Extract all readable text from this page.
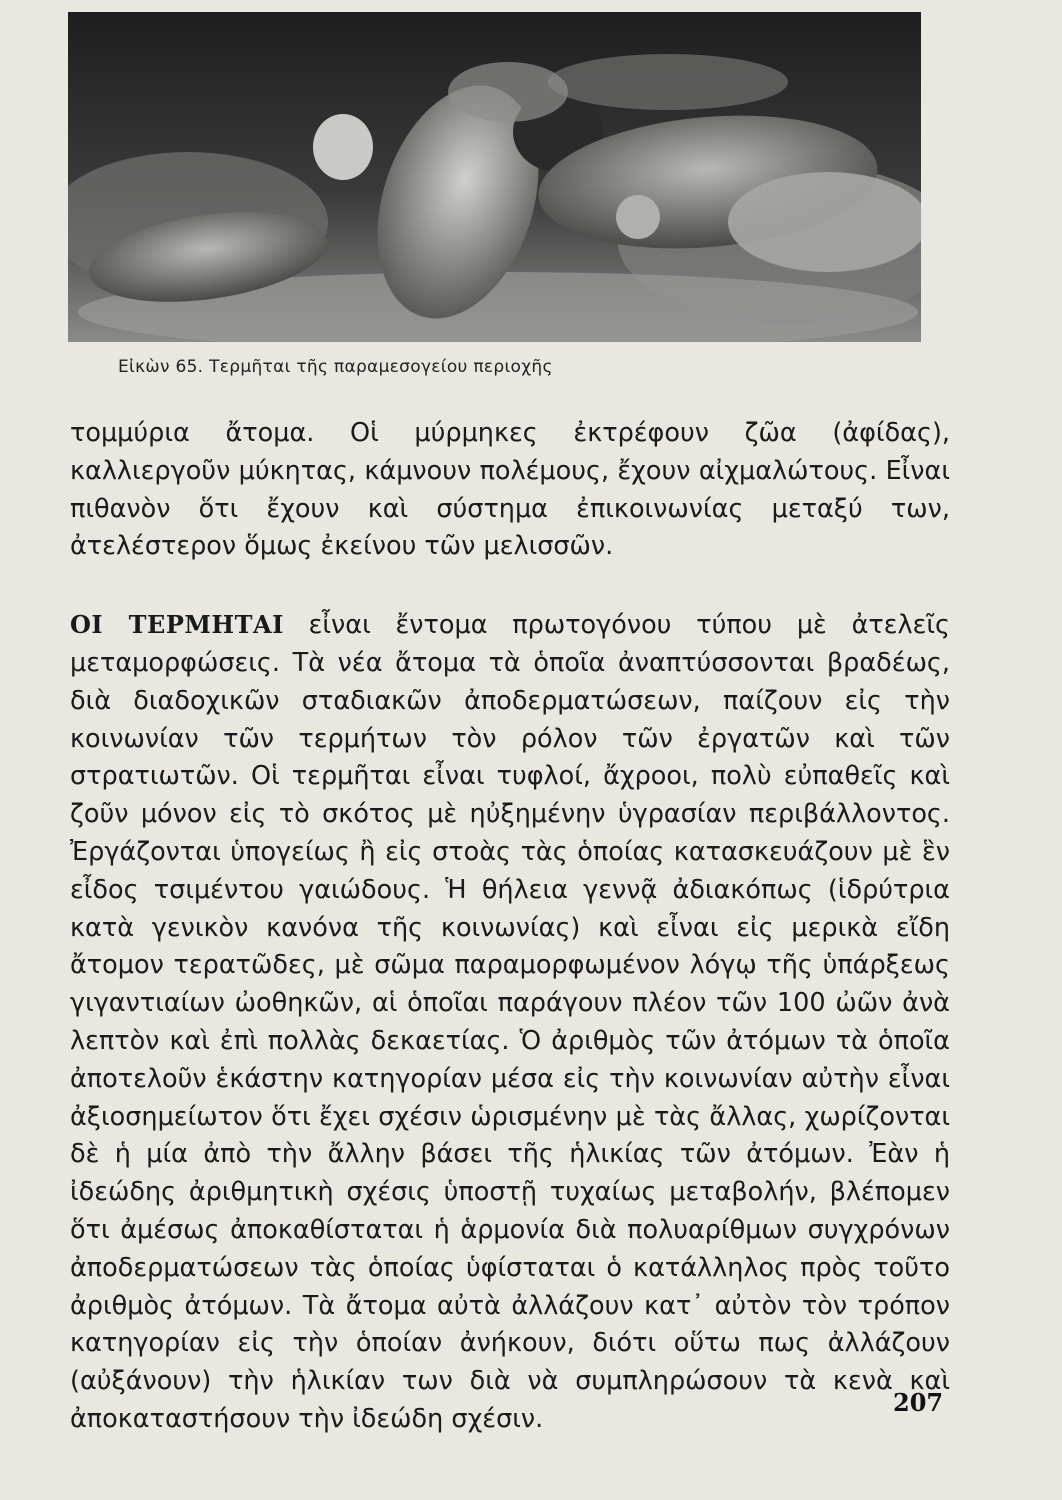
Εἰκὼν 65. Τερμῆται τῆς παραμεσογείου περιοχῆς

τομμύρια ἄτομα. Οἱ μύρμηκες ἐκτρέφουν ζῶα (ἀφίδας), καλλιεργοῦν μύκητας, κάμνουν πολέμους, ἔχουν αἰχμαλώτους. Εἶναι πιθανὸν ὅτι ἔχουν καὶ σύστημα ἐπικοινωνίας μεταξύ των, ἀτελέστερον ὅμως ἐκείνου τῶν μελισσῶν.

ΟΙ ΤΕΡΜΗΤΑΙ εἶναι ἔντομα πρωτογόνου τύπου μὲ ἀτελεῖς μεταμορφώσεις. Τὰ νέα ἄτομα τὰ ὁποῖα ἀναπτύσσονται βραδέως, διὰ διαδοχικῶν σταδιακῶν ἀποδερματώσεων, παίζουν εἰς τὴν κοινωνίαν τῶν τερμήτων τὸν ρόλον τῶν ἐργατῶν καὶ τῶν στρατιωτῶν. Οἱ τερμῆται εἶναι τυφλοί, ἄχροοι, πολὺ εὐπαθεῖς καὶ ζοῦν μόνον εἰς τὸ σκότος μὲ ηὐξημένην ὑγρασίαν περιβάλλοντος. Ἐργάζονται ὑπογείως ἢ εἰς στοὰς τὰς ὁποίας κατασκευάζουν μὲ ἓν εἶδος τσιμέντου γαιώδους. Ἡ θήλεια γεννᾷ ἀδιακόπως (ἱδρύτρια κατὰ γενικὸν κανόνα τῆς κοινωνίας) καὶ εἶναι εἰς μερικὰ εἴδη ἄτομον τερατῶδες, μὲ σῶμα παραμορφωμένον λόγῳ τῆς ὑπάρξεως γιγαντιαίων ὠοθηκῶν, αἱ ὁποῖαι παράγουν πλέον τῶν 100 ὠῶν ἀνὰ λεπτὸν καὶ ἐπὶ πολλὰς δεκαετίας. Ὁ ἀριθμὸς τῶν ἀτόμων τὰ ὁποῖα ἀποτελοῦν ἑκάστην κατηγορίαν μέσα εἰς τὴν κοινωνίαν αὐτὴν εἶναι ἀξιοσημείωτον ὅτι ἔχει σχέσιν ὡρισμένην μὲ τὰς ἄλλας, χωρίζονται δὲ ἡ μία ἀπὸ τὴν ἄλλην βάσει τῆς ἡλικίας τῶν ἀτόμων. Ἐὰν ἡ ἰδεώδης ἀριθμητικὴ σχέσις ὑποστῇ τυχαίως μεταβολήν, βλέπομεν ὅτι ἀμέσως ἀποκαθίσταται ἡ ἁρμονία διὰ πολυαρίθμων συγχρόνων ἀποδερματώσεων τὰς ὁποίας ὑφίσταται ὁ κατάλληλος πρὸς τοῦτο ἀριθμὸς ἀτόμων. Τὰ ἄτομα αὐτὰ ἀλλάζουν κατ᾽ αὐτὸν τὸν τρόπον κατηγορίαν εἰς τὴν ὁποίαν ἀνήκουν, διότι οὕτω πως ἀλλάζουν (αὐξάνουν) τὴν ἡλικίαν των διὰ νὰ συμπληρώσουν τὰ κενὰ καὶ ἀποκαταστήσουν τὴν ἰδεώδη σχέσιν.

207
